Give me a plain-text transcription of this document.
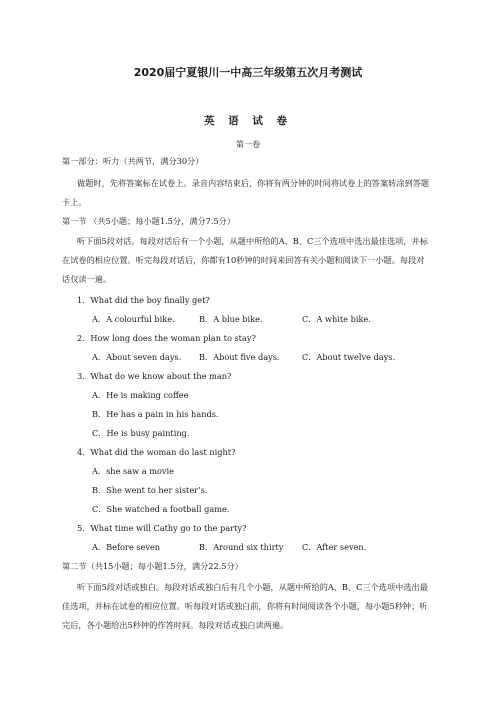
2020届宁夏银川一中高三年级第五次月考测试

英 语 试 卷

第一卷

第一部分：听力（共两节，满分30分）

做题时，先将答案标在试卷上。录音内容结束后，你将有两分钟的时间将试卷上的答案转涂到答题卡上。

第一节 （共5小题；每小题1.5分，满分7.5分）

听下面5段对话。每段对话后有一个小题，从题中所给的A、B、C三个选项中选出最佳选项，并标在试卷的相应位置。听完每段对话后，你都有10秒钟的时间来回答有关小题和阅读下一小题。每段对话仅读一遍。

1．What did the boy finally get?

A．A colourful bike.	B．A blue bike.	C．A white bike.

2．How long does the woman plan to stay?

A．About seven days. B．About five days.	C．About twelve days.

3．What do we know about the man?

A．He is making coffee

B．He has a pain in his hands.

C．He is busy painting.

4．What did the woman do last night?

A．she saw a movie

B．She went to her sister’s.

C．She watched a football game.

5．What time will Cathy go to the party?

A．Before seven	B．Around six thirty C．After seven.

第二节（共15小题；每小题1.5分，满分22.5分）

听下面5段对话或独白。每段对话或独白后有几个小题，从题中所给的A、B、C三个选项中选出最佳选项，并标在试卷的相应位置。听每段对话或独白前，你将有时间阅读各个小题，每小题5秒钟；听完后，各小题给出5秒钟的作答时间。每段对话或独白读两遍。
